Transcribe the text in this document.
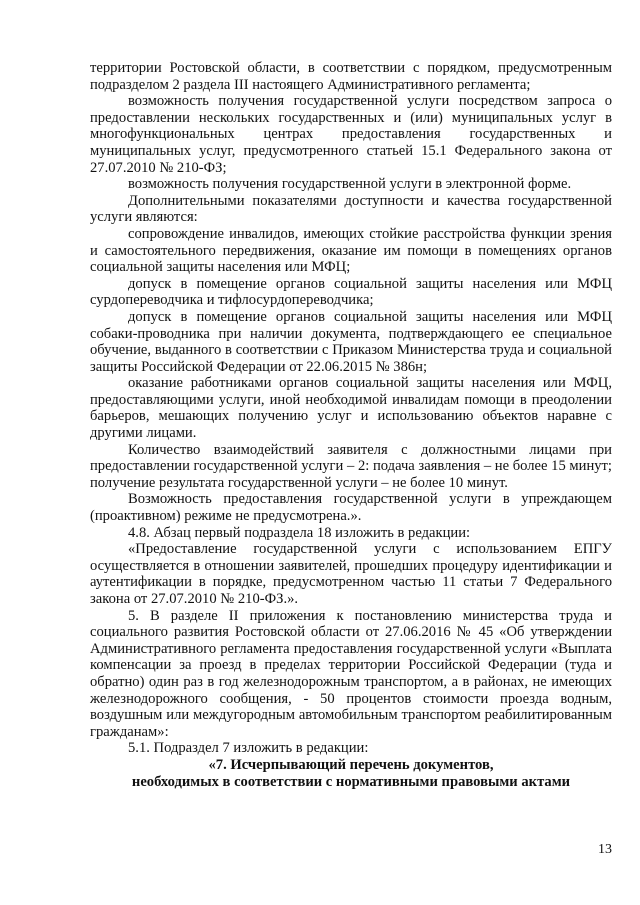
территории Ростовской области, в соответствии с порядком, предусмотренным подразделом 2 раздела III настоящего Административного регламента;

возможность получения государственной услуги посредством запроса о предоставлении нескольких государственных и (или) муниципальных услуг в многофункциональных центрах предоставления государственных и муниципальных услуг, предусмотренного статьей 15.1 Федерального закона от 27.07.2010 № 210-ФЗ;

возможность получения государственной услуги в электронной форме.

Дополнительными показателями доступности и качества государственной услуги являются:

сопровождение инвалидов, имеющих стойкие расстройства функции зрения и самостоятельного передвижения, оказание им помощи в помещениях органов социальной защиты населения или МФЦ;

допуск в помещение органов социальной защиты населения или МФЦ сурдопереводчика и тифлосурдопереводчика;

допуск в помещение органов социальной защиты населения или МФЦ собаки-проводника при наличии документа, подтверждающего ее специальное обучение, выданного в соответствии с Приказом Министерства труда и социальной защиты Российской Федерации от 22.06.2015 № 386н;

оказание работниками органов социальной защиты населения или МФЦ, предоставляющими услуги, иной необходимой инвалидам помощи в преодолении барьеров, мешающих получению услуг и использованию объектов наравне с другими лицами.

Количество взаимодействий заявителя с должностными лицами при предоставлении государственной услуги – 2: подача заявления – не более 15 минут; получение результата государственной услуги – не более 10 минут.

Возможность предоставления государственной услуги в упреждающем (проактивном) режиме не предусмотрена.».

4.8. Абзац первый подраздела 18 изложить в редакции:

«Предоставление государственной услуги с использованием ЕПГУ осуществляется в отношении заявителей, прошедших процедуру идентификации и аутентификации в порядке, предусмотренном частью 11 статьи 7 Федерального закона от 27.07.2010 № 210-ФЗ.».

5. В разделе II приложения к постановлению министерства труда и социального развития Ростовской области от 27.06.2016 № 45 «Об утверждении Административного регламента предоставления государственной услуги «Выплата компенсации за проезд в пределах территории Российской Федерации (туда и обратно) один раз в год железнодорожным транспортом, а в районах, не имеющих железнодорожного сообщения, - 50 процентов стоимости проезда водным, воздушным или междугородным автомобильным транспортом реабилитированным гражданам»:

5.1. Подраздел 7 изложить в редакции:

«7. Исчерпывающий перечень документов,

необходимых в соответствии с нормативными правовыми актами

13
